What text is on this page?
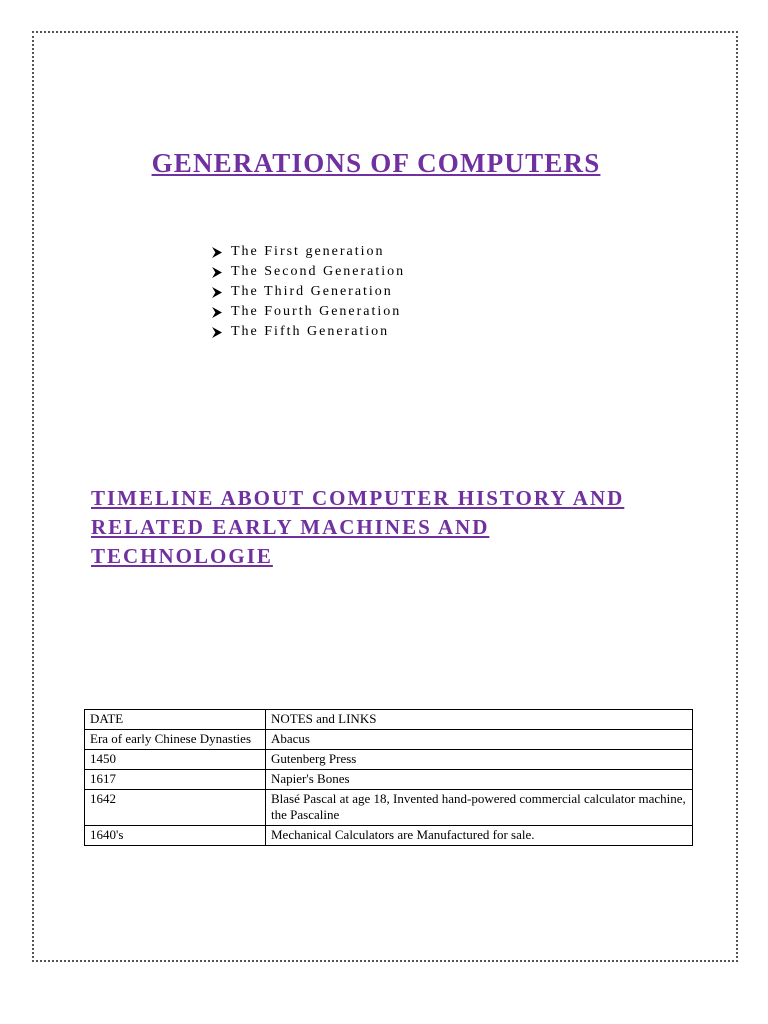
GENERATIONS OF COMPUTERS
The First generation
The Second Generation
The Third Generation
The Fourth Generation
The Fifth Generation
TIMELINE ABOUT COMPUTER HISTORY AND
RELATED EARLY MACHINES AND
TECHNOLOGIE
DATE	NOTES and LINKS
Era of early Chinese Dynasties	Abacus
1450	Gutenberg Press
1617	Napier's Bones
1642	Blasé Pascal at age 18, Invented hand-powered commercial calculator machine, the Pascaline
1640's	Mechanical Calculators are Manufactured for sale.
